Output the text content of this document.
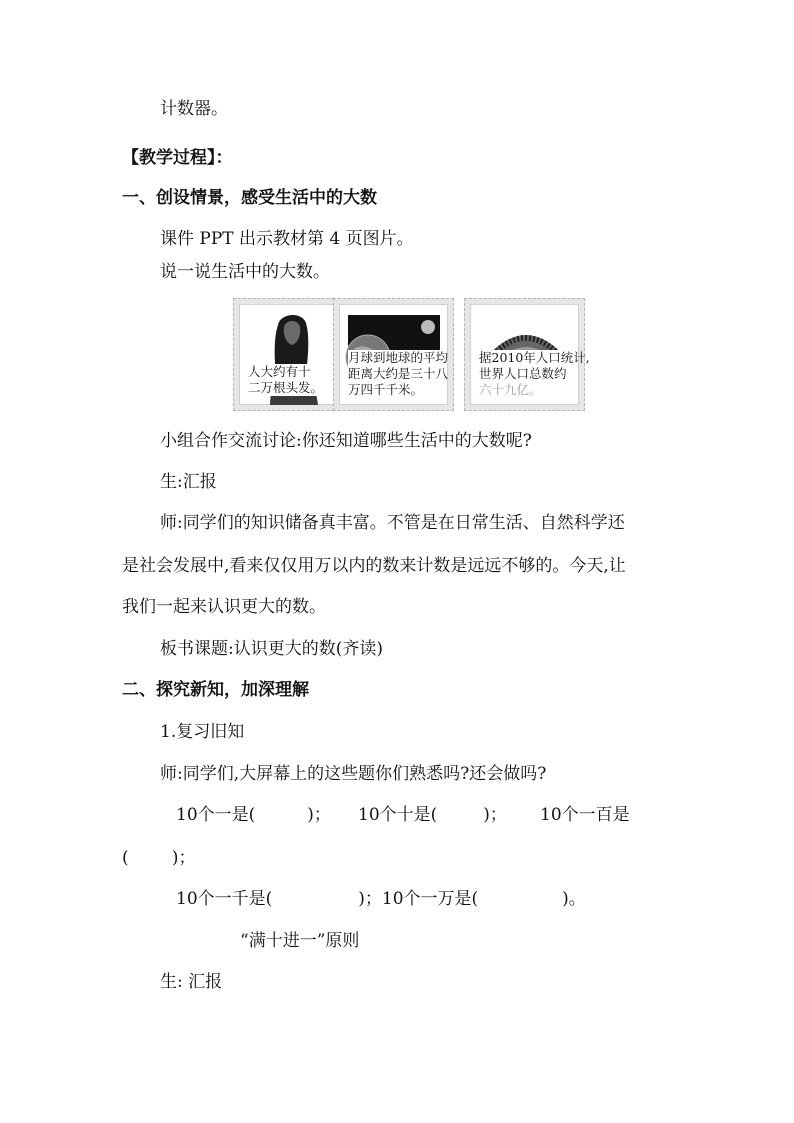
计数器。
【教学过程】：
一、创设情景，感受生活中的大数
课件 PPT 出示教材第 4 页图片。
说一说生活中的大数。
人大约有十
二万根头发。
月球到地球的平均
距离大约是三十八
万四千千米。
据2010年人口统计,
世界人口总数约
六十九亿。
小组合作交流讨论:你还知道哪些生活中的大数呢?
生:汇报
师:同学们的知识储备真丰富。不管是在日常生活、自然科学还
是社会发展中,看来仅仅用万以内的数来计数是远远不够的。今天,让
我们一起来认识更大的数。
板书课题:认识更大的数(齐读)
二、探究新知，加深理解
1.复习旧知
师:同学们,大屏幕上的这些题你们熟悉吗?还会做吗?
10个一是(	)； 10个十是(	)； 10个一百是
(        )；
10个一千是(	)；10个一万是(	)。
“满十进一”原则
生: 汇报
